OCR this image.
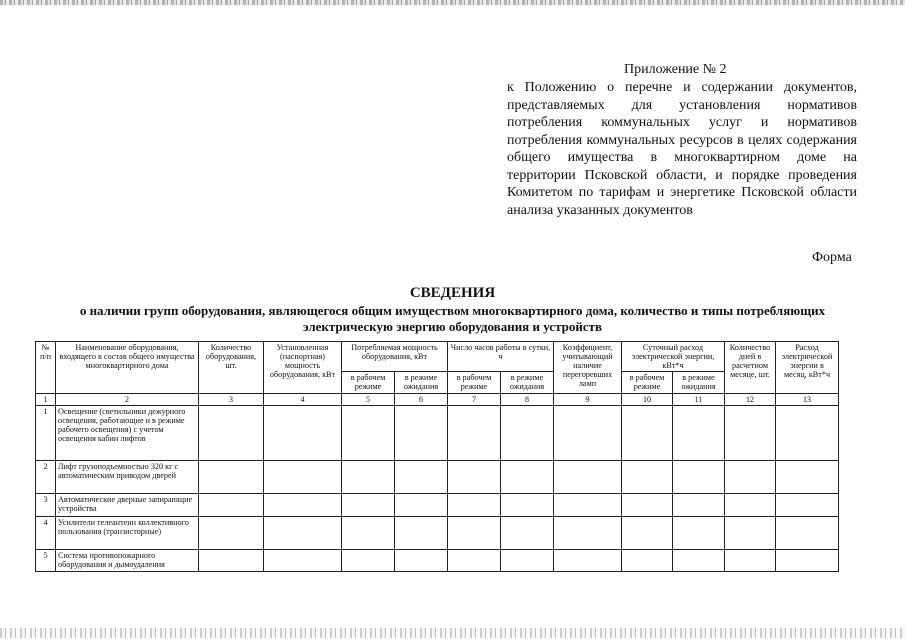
Приложение № 2
к Положению о перечне и содержании документов, представляемых для установления нормативов потребления коммунальных услуг и нормативов потребления коммунальных ресурсов в целях содержания общего имущества в многоквартирном доме на территории Псковской области, и порядке проведения Комитетом по тарифам и энергетике Псковской области анализа указанных документов
Форма
СВЕДЕНИЯ
о наличии групп оборудования, являющегося общим имуществом многоквартирного дома, количество и типы потребляющих электрическую энергию оборудования и устройств
№ п/п	Наименование оборудования, входящего в состав общего имущества многоквартирного дома	Количество оборудования, шт.	Установленная (паспортная) мощность оборудования, кВт	Потребляемая мощность оборудования, кВт		Число часов работы в сутки, ч		Коэффициент, учитывающий наличие перегоревших ламп	Суточный расход электрической энергии, кВт*ч		Количество дней в расчетном месяце, шт.	Расход электрической энергии в месяц, кВт*ч
				в рабочем режиме	в режиме ожидания	в рабочем режиме	в режиме ожидания		в рабочем режиме	в режиме ожидания		
1	2	3	4	5	6	7	8	9	10	11	12	13
1	Освещение (светильники дежурного освещения, работающие и в режиме рабочего освещения) с учетом освещения кабин лифтов											
2	Лифт грузоподъемностью 320 кг с автоматическим приводом дверей											
3	Автоматические дверные запирающие устройства											
4	Усилители телеантенн коллективного пользования (транзисторные)											
5	Система противопожарного оборудования и дымоудаления											
